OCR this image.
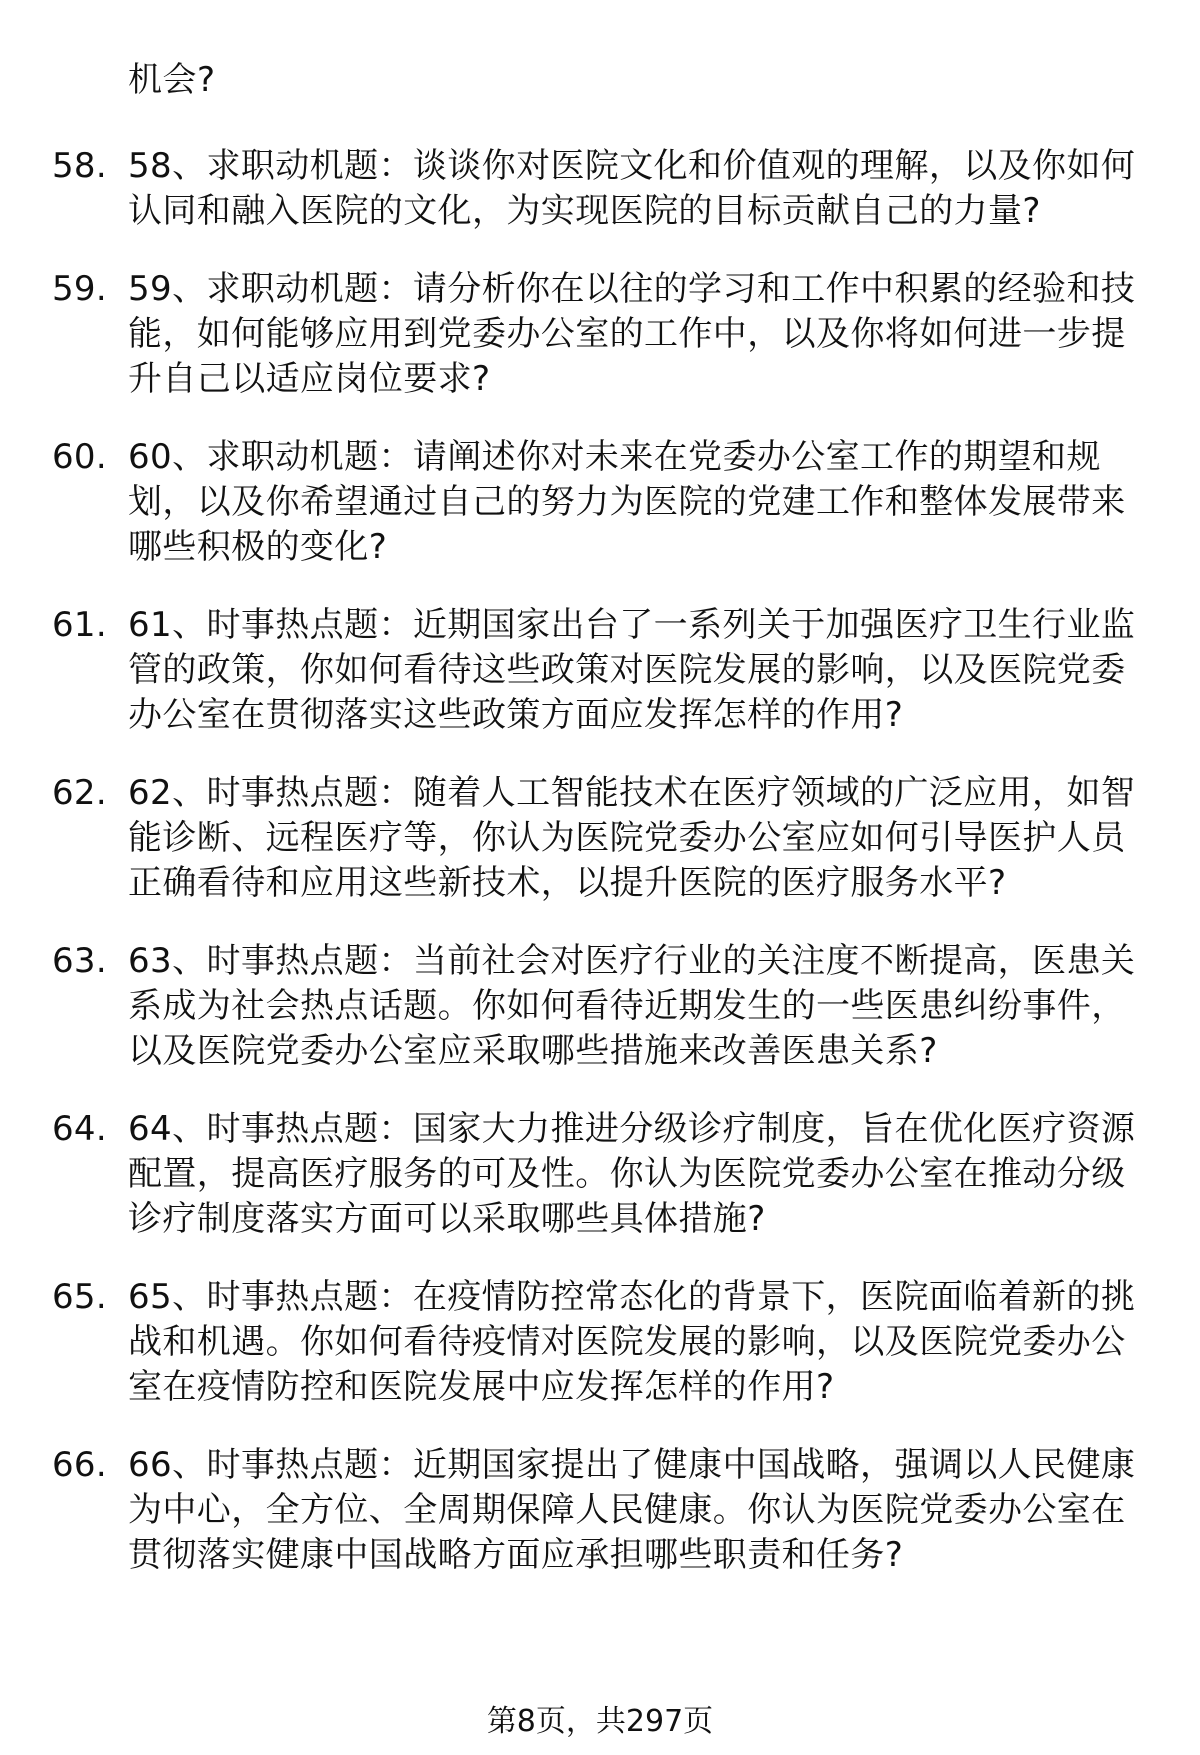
机会?
58. 58、求职动机题：谈谈你对医院文化和价值观的理解，以及你如何认同和融入医院的文化，为实现医院的目标贡献自己的力量?
59. 59、求职动机题：请分析你在以往的学习和工作中积累的经验和技能，如何能够应用到党委办公室的工作中，以及你将如何进一步提升自己以适应岗位要求?
60. 60、求职动机题：请阐述你对未来在党委办公室工作的期望和规划，以及你希望通过自己的努力为医院的党建工作和整体发展带来哪些积极的变化?
61. 61、时事热点题：近期国家出台了一系列关于加强医疗卫生行业监管的政策，你如何看待这些政策对医院发展的影响，以及医院党委办公室在贯彻落实这些政策方面应发挥怎样的作用?
62. 62、时事热点题：随着人工智能技术在医疗领域的广泛应用，如智能诊断、远程医疗等，你认为医院党委办公室应如何引导医护人员正确看待和应用这些新技术，以提升医院的医疗服务水平?
63. 63、时事热点题：当前社会对医疗行业的关注度不断提高，医患关系成为社会热点话题。你如何看待近期发生的一些医患纠纷事件，以及医院党委办公室应采取哪些措施来改善医患关系?
64. 64、时事热点题：国家大力推进分级诊疗制度，旨在优化医疗资源配置，提高医疗服务的可及性。你认为医院党委办公室在推动分级诊疗制度落实方面可以采取哪些具体措施?
65. 65、时事热点题：在疫情防控常态化的背景下，医院面临着新的挑战和机遇。你如何看待疫情对医院发展的影响，以及医院党委办公室在疫情防控和医院发展中应发挥怎样的作用?
66. 66、时事热点题：近期国家提出了健康中国战略，强调以人民健康为中心，全方位、全周期保障人民健康。你认为医院党委办公室在贯彻落实健康中国战略方面应承担哪些职责和任务?
第8页，共297页
